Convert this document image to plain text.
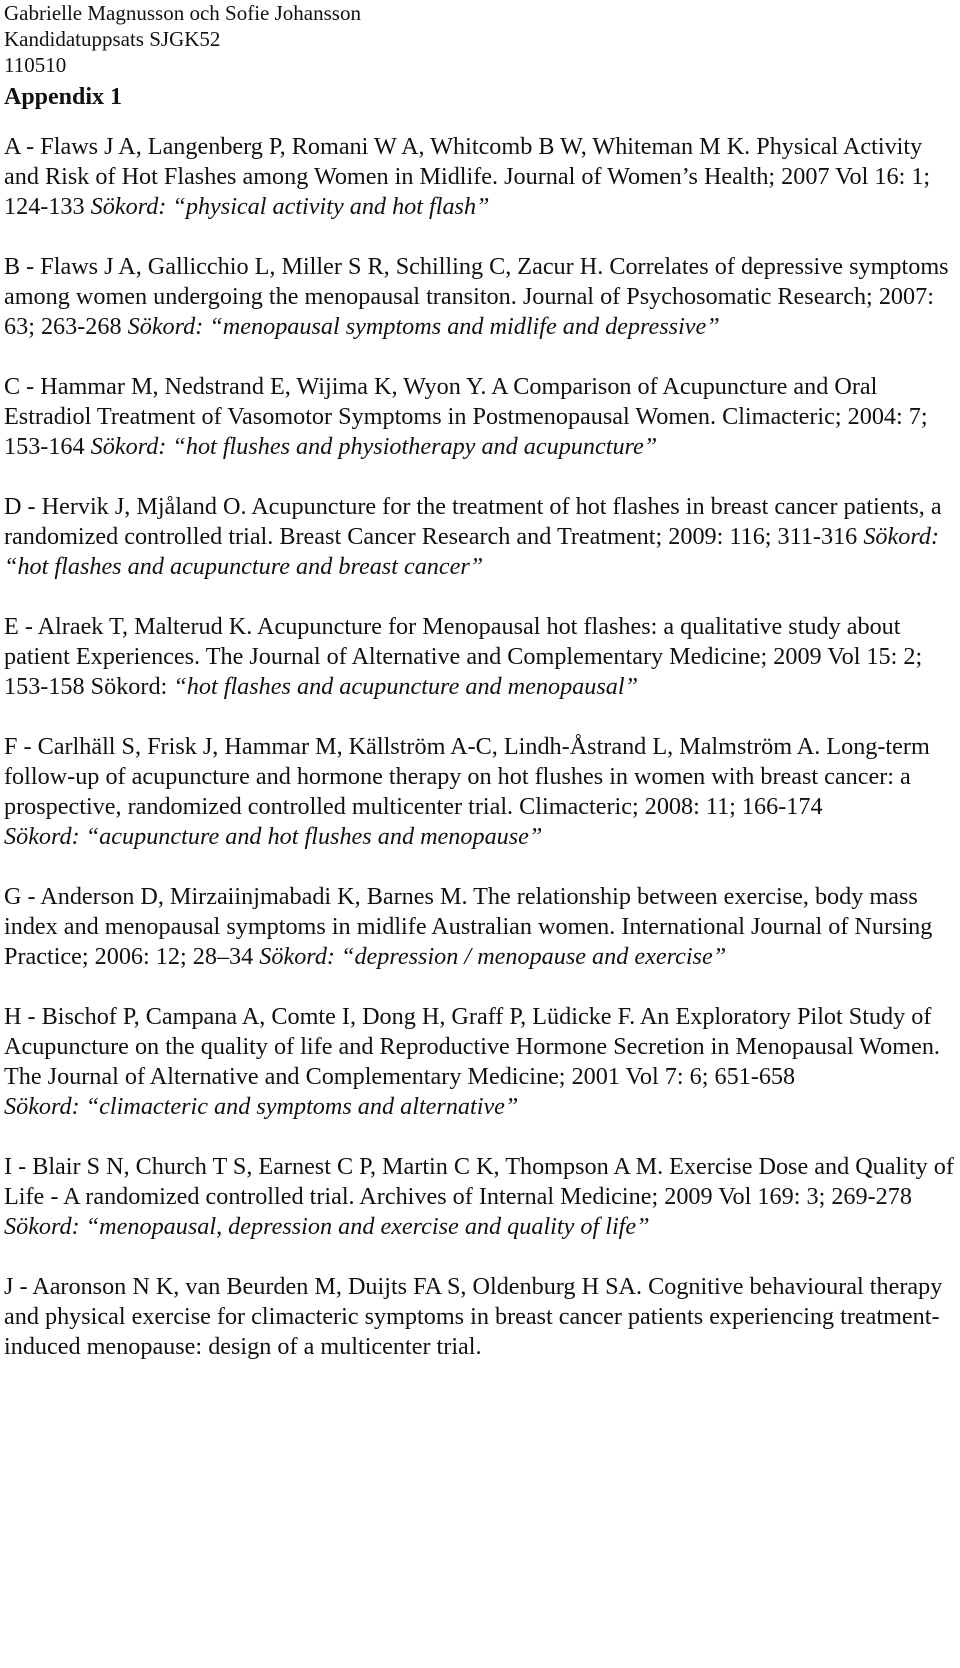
Gabrielle Magnusson och Sofie Johansson
Kandidatuppsats SJGK52
110510
Appendix 1
A - Flaws J A, Langenberg P, Romani W A, Whitcomb B W, Whiteman M K. Physical Activity and Risk of Hot Flashes among Women in Midlife. Journal of Women’s Health; 2007 Vol 16: 1; 124-133 Sökord: “physical activity and hot flash”
B - Flaws J A, Gallicchio L, Miller S R, Schilling C, Zacur H. Correlates of depressive symptoms among women undergoing the menopausal transiton. Journal of Psychosomatic Research; 2007: 63; 263-268 Sökord: “menopausal symptoms and midlife and depressive”
C - Hammar M, Nedstrand E, Wijima K, Wyon Y. A Comparison of Acupuncture and Oral Estradiol Treatment of Vasomotor Symptoms in Postmenopausal Women. Climacteric; 2004: 7; 153-164 Sökord: “hot flushes and physiotherapy and acupuncture”
D - Hervik J, Mjåland O. Acupuncture for the treatment of hot flashes in breast cancer patients, a randomized controlled trial. Breast Cancer Research and Treatment; 2009: 116; 311-316 Sökord: “hot flashes and acupuncture and breast cancer”
E - Alraek T, Malterud K. Acupuncture for Menopausal hot flashes: a qualitative study about patient Experiences. The Journal of Alternative and Complementary Medicine; 2009 Vol 15: 2; 153-158 Sökord: “hot flashes and acupuncture and menopausal”
F - Carlhäll S, Frisk J, Hammar M, Källström A-C, Lindh-Åstrand L, Malmström A. Long-term follow-up of acupuncture and hormone therapy on hot flushes in women with breast cancer: a prospective, randomized controlled multicenter trial. Climacteric; 2008: 11; 166-174
Sökord: “acupuncture and hot flushes and menopause”
G - Anderson D, Mirzaiinjmabadi K, Barnes M. The relationship between exercise, body mass index and menopausal symptoms in midlife Australian women. International Journal of Nursing Practice; 2006: 12; 28–34 Sökord: “depression / menopause and exercise”
H - Bischof P, Campana A, Comte I, Dong H, Graff P, Lüdicke F. An Exploratory Pilot Study of Acupuncture on the quality of life and Reproductive Hormone Secretion in Menopausal Women. The Journal of Alternative and Complementary Medicine; 2001 Vol 7: 6; 651-658
Sökord: “climacteric and symptoms and alternative”
I - Blair S N, Church T S, Earnest C P, Martin C K, Thompson A M. Exercise Dose and Quality of Life - A randomized controlled trial. Archives of Internal Medicine; 2009 Vol 169: 3; 269-278 Sökord: “menopausal, depression and exercise and quality of life”
J - Aaronson N K, van Beurden M, Duijts FA S, Oldenburg H SA. Cognitive behavioural therapy and physical exercise for climacteric symptoms in breast cancer patients experiencing treatment-induced menopause: design of a multicenter trial.
